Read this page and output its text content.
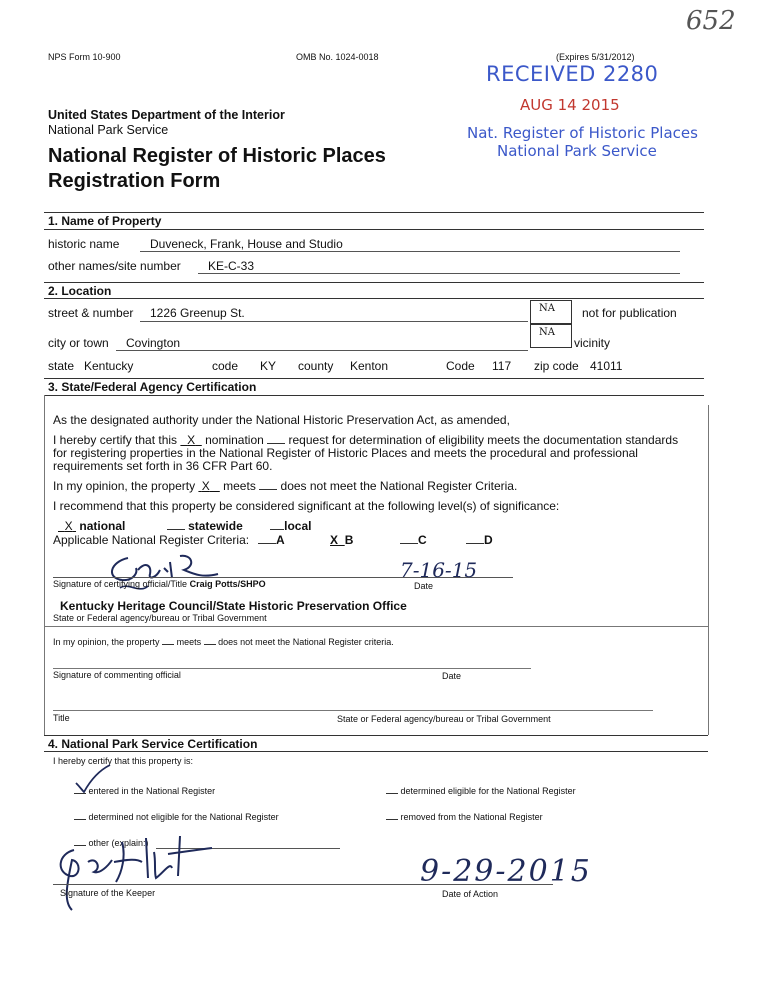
652
NPS Form 10-900	OMB No. 1024-0018	(Expires 5/31/2012)
RECEIVED 2280
AUG 14 2015
Nat. Register of Historic Places
National Park Service
United States Department of the Interior
National Park Service
National Register of Historic Places
Registration Form
1. Name of Property
historic name	Duveneck, Frank, House and Studio
other names/site number KE-C-33
2. Location
street & number 1226 Greenup St.	NA	not for publication
city or town Covington
NA
vicinity
state Kentucky	code KY county Kenton	Code 117 zip code 41011
3. State/Federal Agency Certification
As the designated authority under the National Historic Preservation Act, as amended,
I hereby certify that this X nomination request for determination of eligibility meets the documentation standards
for registering properties in the National Register of Historic Places and meets the procedural and professional
requirements set forth in 36 CFR Part 60.
In my opinion, the property X meets does not meet the National Register Criteria.
I recommend that this property be considered significant at the following level(s) of significance:
X national	statewide	local
Applicable National Register Criteria:	A	X B	C	D
Signature of certifying official/Title Craig Potts/SHPO
7-16-15
Date
Kentucky Heritage Council/State Historic Preservation Office
State or Federal agency/bureau or Tribal Government
In my opinion, the property meets does not meet the National Register criteria.
Signature of commenting official	Date
Title	State or Federal agency/bureau or Tribal Government
4. National Park Service Certification
I hereby certify that this property is:
entered in the National Register	determined eligible for the National Register
determined not eligible for the National Register	removed from the National Register
other (explain:)
Signature of the Keeper
9-29-2015
Date of Action
